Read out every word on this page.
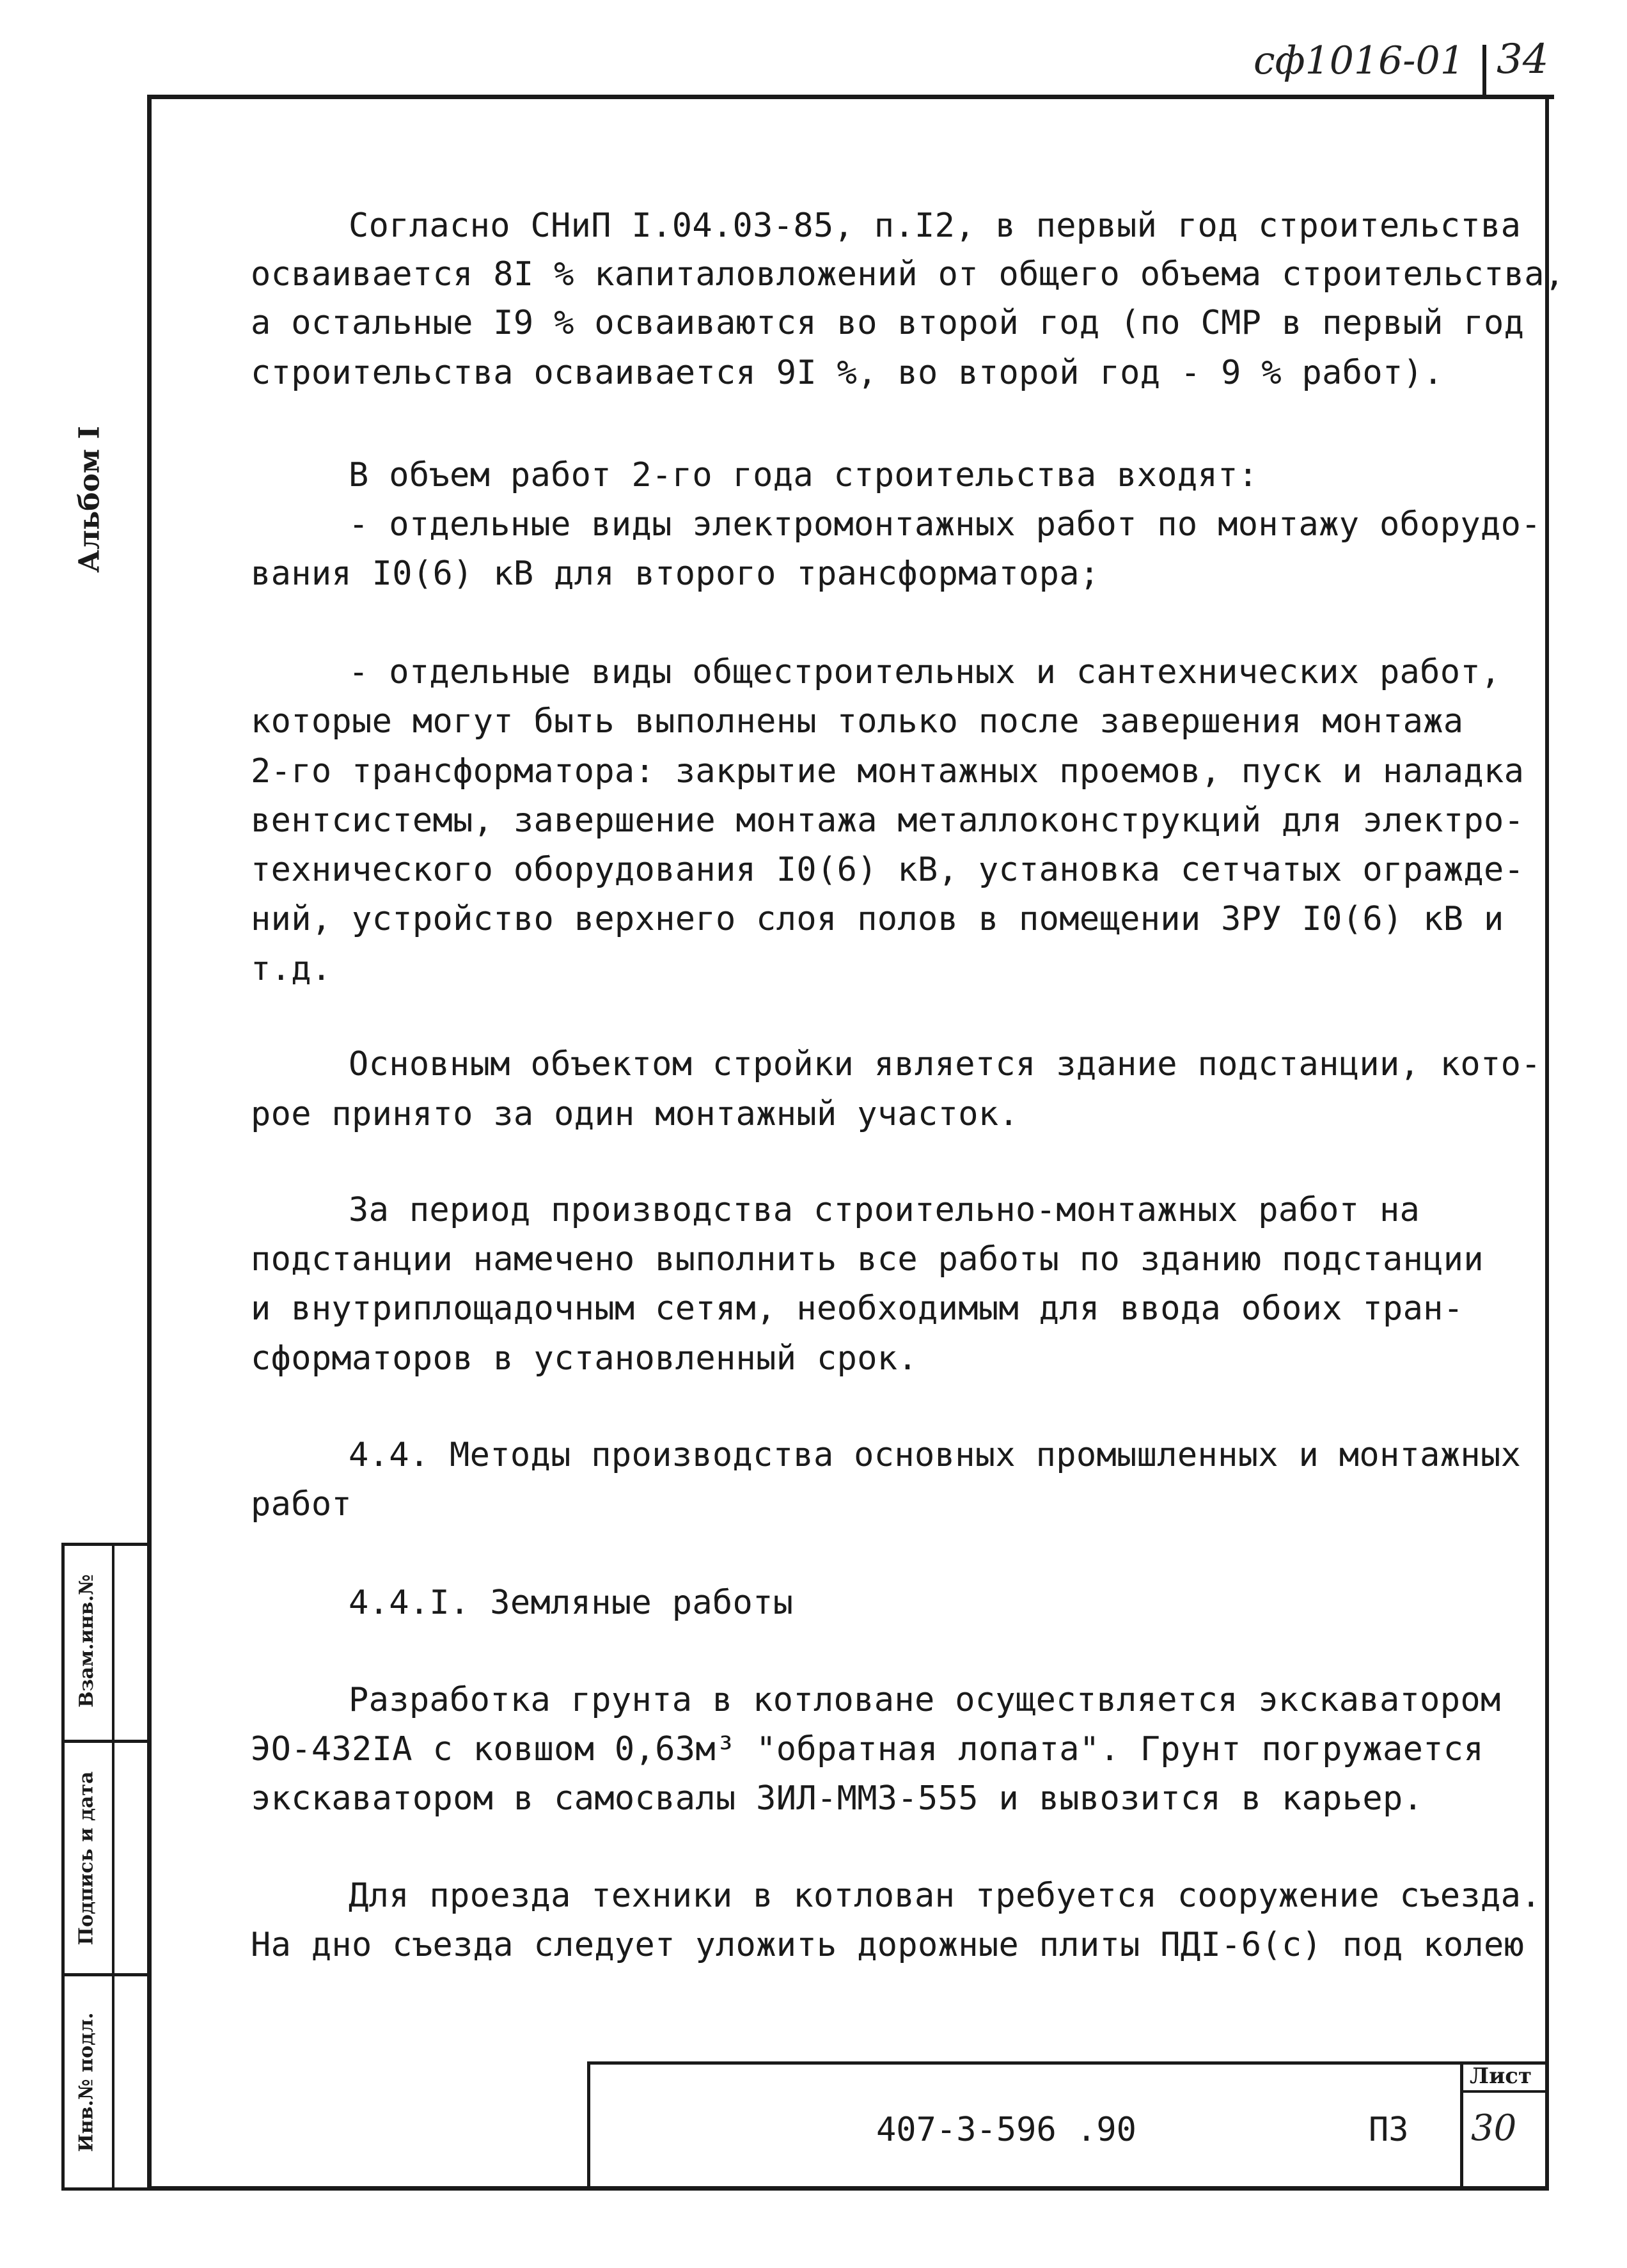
сф1016-01 34
Альбом I
Взам.инв.№
Подпись и дата
Инв.№ подл.
Согласно СНиП I.04.03-85, п.I2, в первый год строительства
осваивается 8I % капиталовложений от общего объема строительства,
а остальные I9 % осваиваются во второй год (по СМР в первый год
строительства осваивается 9I %, во второй год - 9 % работ).
В объем работ 2-го года строительства входят:
- отдельные виды электромонтажных работ по монтажу оборудо-
вания I0(6) кВ для второго трансформатора;
- отдельные виды общестроительных и сантехнических работ,
которые могут быть выполнены только после завершения монтажа
2-го трансформатора: закрытие монтажных проемов, пуск и наладка
вентсистемы, завершение монтажа металлоконструкций для электро-
технического оборудования I0(6) кВ, установка сетчатых огражде-
ний, устройство верхнего слоя полов в помещении ЗРУ I0(6) кВ и
т.д.
Основным объектом стройки является здание подстанции, кото-
рое принято за один монтажный участок.
За период производства строительно-монтажных работ на
подстанции намечено выполнить все работы по зданию подстанции
и внутриплощадочным сетям, необходимым для ввода обоих тран-
сформаторов в установленный срок.
4.4. Методы производства основных промышленных и монтажных
работ
4.4.I. Земляные работы
Разработка грунта в котловане осуществляется экскаватором
ЭО-432IА с ковшом 0,63м³ "обратная лопата". Грунт погружается
экскаватором в самосвалы ЗИЛ-ММЗ-555 и вывозится в карьер.
Для проезда техники в котлован требуется сооружение съезда.
На дно съезда следует уложить дорожные плиты ПДI-6(с) под колею
407-3-596 .90	ПЗ
Лист
30
